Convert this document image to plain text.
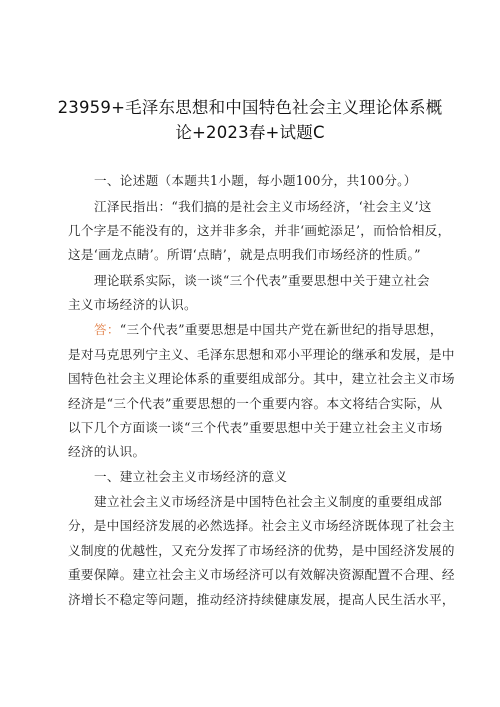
23959+毛泽东思想和中国特色社会主义理论体系概
论+2023春+试题C
一、论述题（本题共1小题，每小题100分，共100分。）
江泽民指出：“我们搞的是社会主义市场经济，‘社会主义’这
几个字是不能没有的，这并非多余，并非‘画蛇添足’，而恰恰相反，
这是‘画龙点睛’。所谓‘点睛’，就是点明我们市场经济的性质。”
理论联系实际，谈一谈“三个代表”重要思想中关于建立社会
主义市场经济的认识。
答：“三个代表”重要思想是中国共产党在新世纪的指导思想，
是对马克思列宁主义、毛泽东思想和邓小平理论的继承和发展，是中
国特色社会主义理论体系的重要组成部分。其中，建立社会主义市场
经济是“三个代表”重要思想的一个重要内容。本文将结合实际，从
以下几个方面谈一谈“三个代表”重要思想中关于建立社会主义市场
经济的认识。
一、建立社会主义市场经济的意义
建立社会主义市场经济是中国特色社会主义制度的重要组成部
分，是中国经济发展的必然选择。社会主义市场经济既体现了社会主
义制度的优越性，又充分发挥了市场经济的优势，是中国经济发展的
重要保障。建立社会主义市场经济可以有效解决资源配置不合理、经
济增长不稳定等问题，推动经济持续健康发展，提高人民生活水平，
